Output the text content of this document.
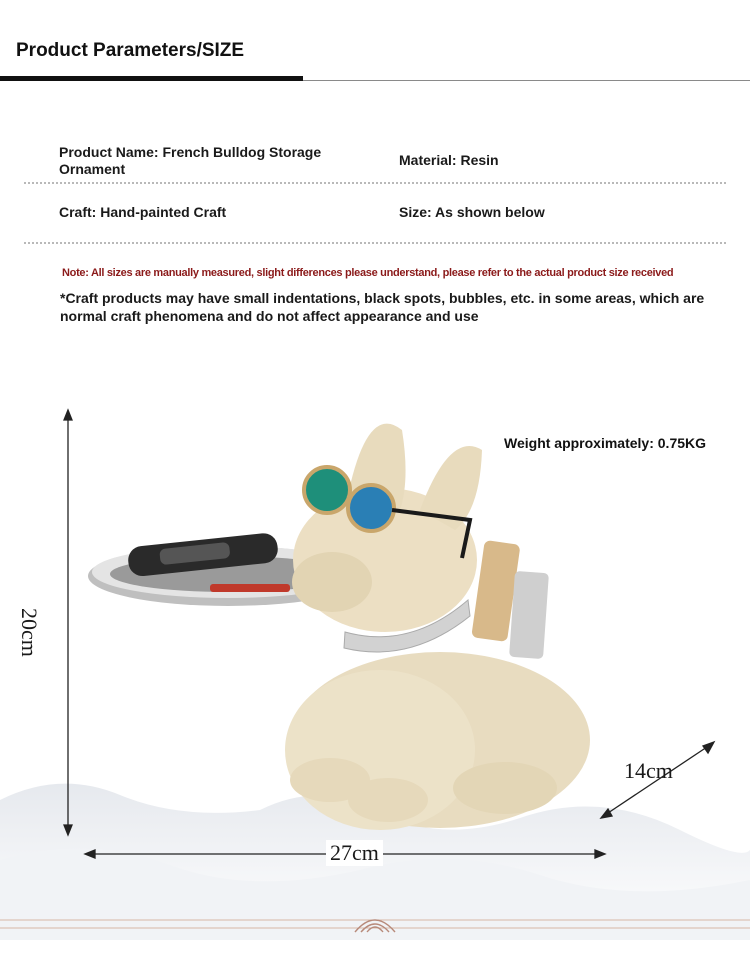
Product Parameters/SIZE
Product Name: French Bulldog Storage Ornament
Material: Resin
Craft: Hand-painted Craft	Size: As shown below
Note: All sizes are manually measured, slight differences please understand, please refer to the actual product size received
*Craft products may have small indentations, black spots, bubbles, etc. in some areas, which are normal craft phenomena and do not affect appearance and use
Weight approximately: 0.75KG
20cm
27cm
14cm
